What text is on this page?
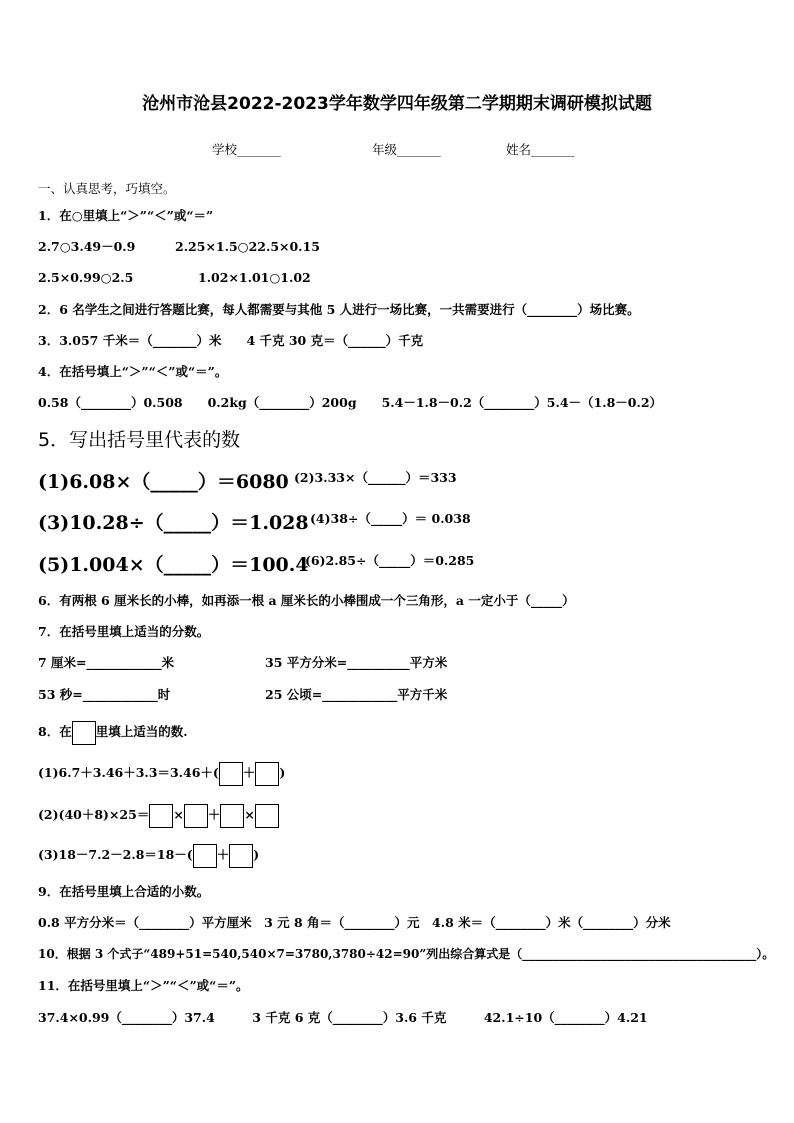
沧州市沧县2022-2023学年数学四年级第二学期期末调研模拟试题
学校_______	年级_______	姓名_______
一、认真思考，巧填空。
1．在○里填上“＞”“＜”或“＝”
2.7○3.49－0.9	2.25×1.5○22.5×0.15
2.5×0.99○2.5	1.02×1.01○1.02
2．6 名学生之间进行答题比赛，每人都需要与其他 5 人进行一场比赛，一共需要进行（________）场比赛。
3．3.057 千米＝（_______）米　　4 千克 30 克＝（______）千克
4．在括号填上“＞”“＜”或“＝”。
0.58（________）0.508　　0.2kg（________）200g　　5.4－1.8－0.2（________）5.4－（1.8－0.2）
5．写出括号里代表的数
(1)6.08×（_____）＝6080 (2)3.33×（______）＝333
(3)10.28÷（_____）＝1.028 (4)38÷（_____）＝ 0.038
(5)1.004×（_____）＝100.4
(6)2.85÷（_____）＝0.285
6．有两根 6 厘米长的小棒，如再添一根 a 厘米长的小棒围成一个三角形，a 一定小于（_____）
7．在括号里填上适当的分数。
7 厘米=____________米	35 平方分米=__________平方米
53 秒=____________时	25 公顷=____________平方千米
8．在 里填上适当的数.
(1)6.7＋3.46＋3.3＝3.46＋( ＋ )
(2)(40＋8)×25＝ × ＋ ×
(3)18－7.2－2.8＝18－( ＋ )
9．在括号里填上合适的小数。
0.8 平方分米＝（________）平方厘米　3 元 8 角＝（________）元　4.8 米＝（________）米（________）分米
10．根据 3 个式子“489+51=540,540×7=3780,3780÷42=90”列出综合算式是（_______________________________________）。
11．在括号里填上“＞”“＜”或“＝”。
37.4×0.99（________）37.4　　　3 千克 6 克（________）3.6 千克　　　42.1÷10（________）4.21
